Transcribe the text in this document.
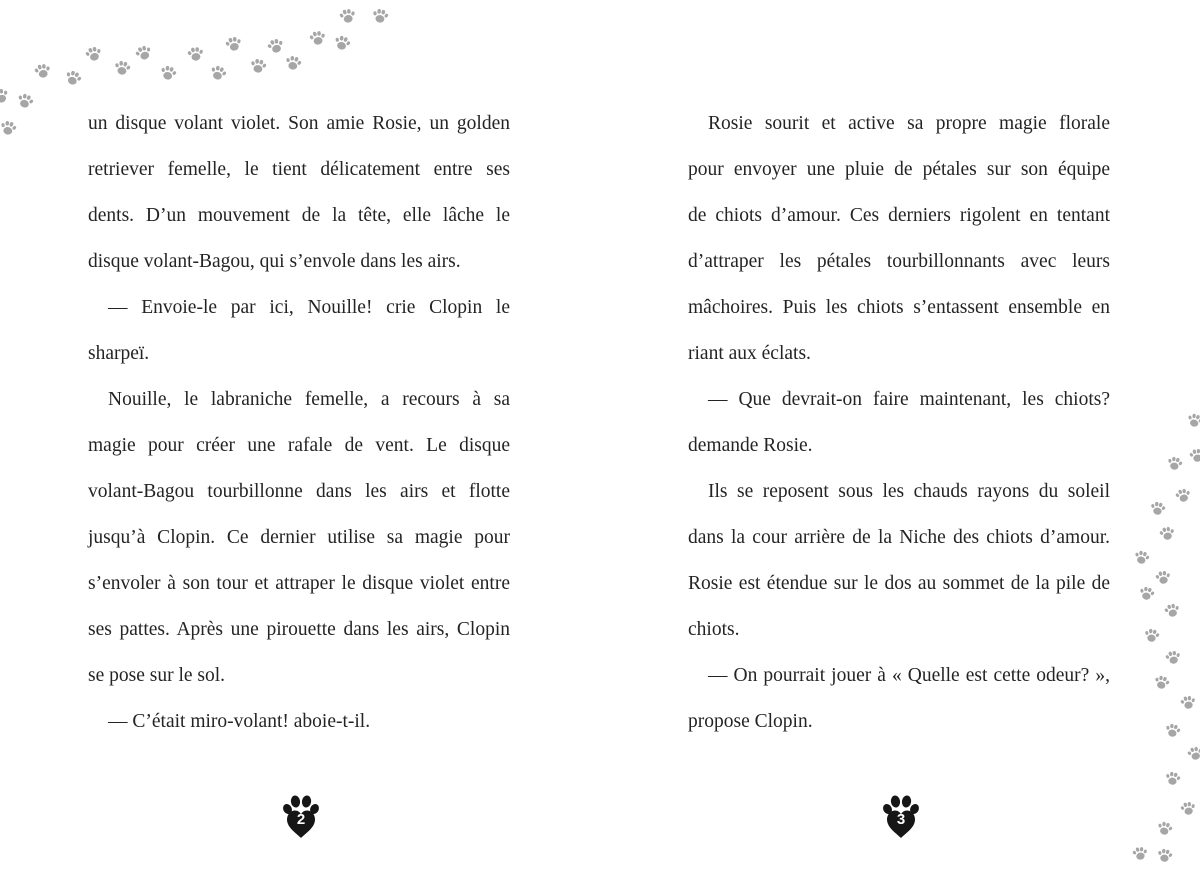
un disque volant violet. Son amie Rosie, un golden
retriever femelle, le tient délicatement entre ses
dents. D’un mouvement de la tête, elle lâche le
disque volant-Bagou, qui s’envole dans les airs.
— Envoie-le par ici, Nouille! crie Clopin le
sharpeï.
Nouille, le labraniche femelle, a recours à sa
magie pour créer une rafale de vent. Le disque
volant-Bagou tourbillonne dans les airs et flotte
jusqu’à Clopin. Ce dernier utilise sa magie pour
s’envoler à son tour et attraper le disque violet entre
ses pattes. Après une pirouette dans les airs, Clopin
se pose sur le sol.
— C’était miro-volant! aboie-t-il.
Rosie sourit et active sa propre magie florale
pour envoyer une pluie de pétales sur son équipe
de chiots d’amour. Ces derniers rigolent en tentant
d’attraper les pétales tourbillonnants avec leurs
mâchoires. Puis les chiots s’entassent ensemble en
riant aux éclats.
— Que devrait-on faire maintenant, les chiots?
demande Rosie.
Ils se reposent sous les chauds rayons du soleil
dans la cour arrière de la Niche des chiots d’amour.
Rosie est étendue sur le dos au sommet de la pile de
chiots.
— On pourrait jouer à « Quelle est cette odeur? »,
propose Clopin.
2	3
